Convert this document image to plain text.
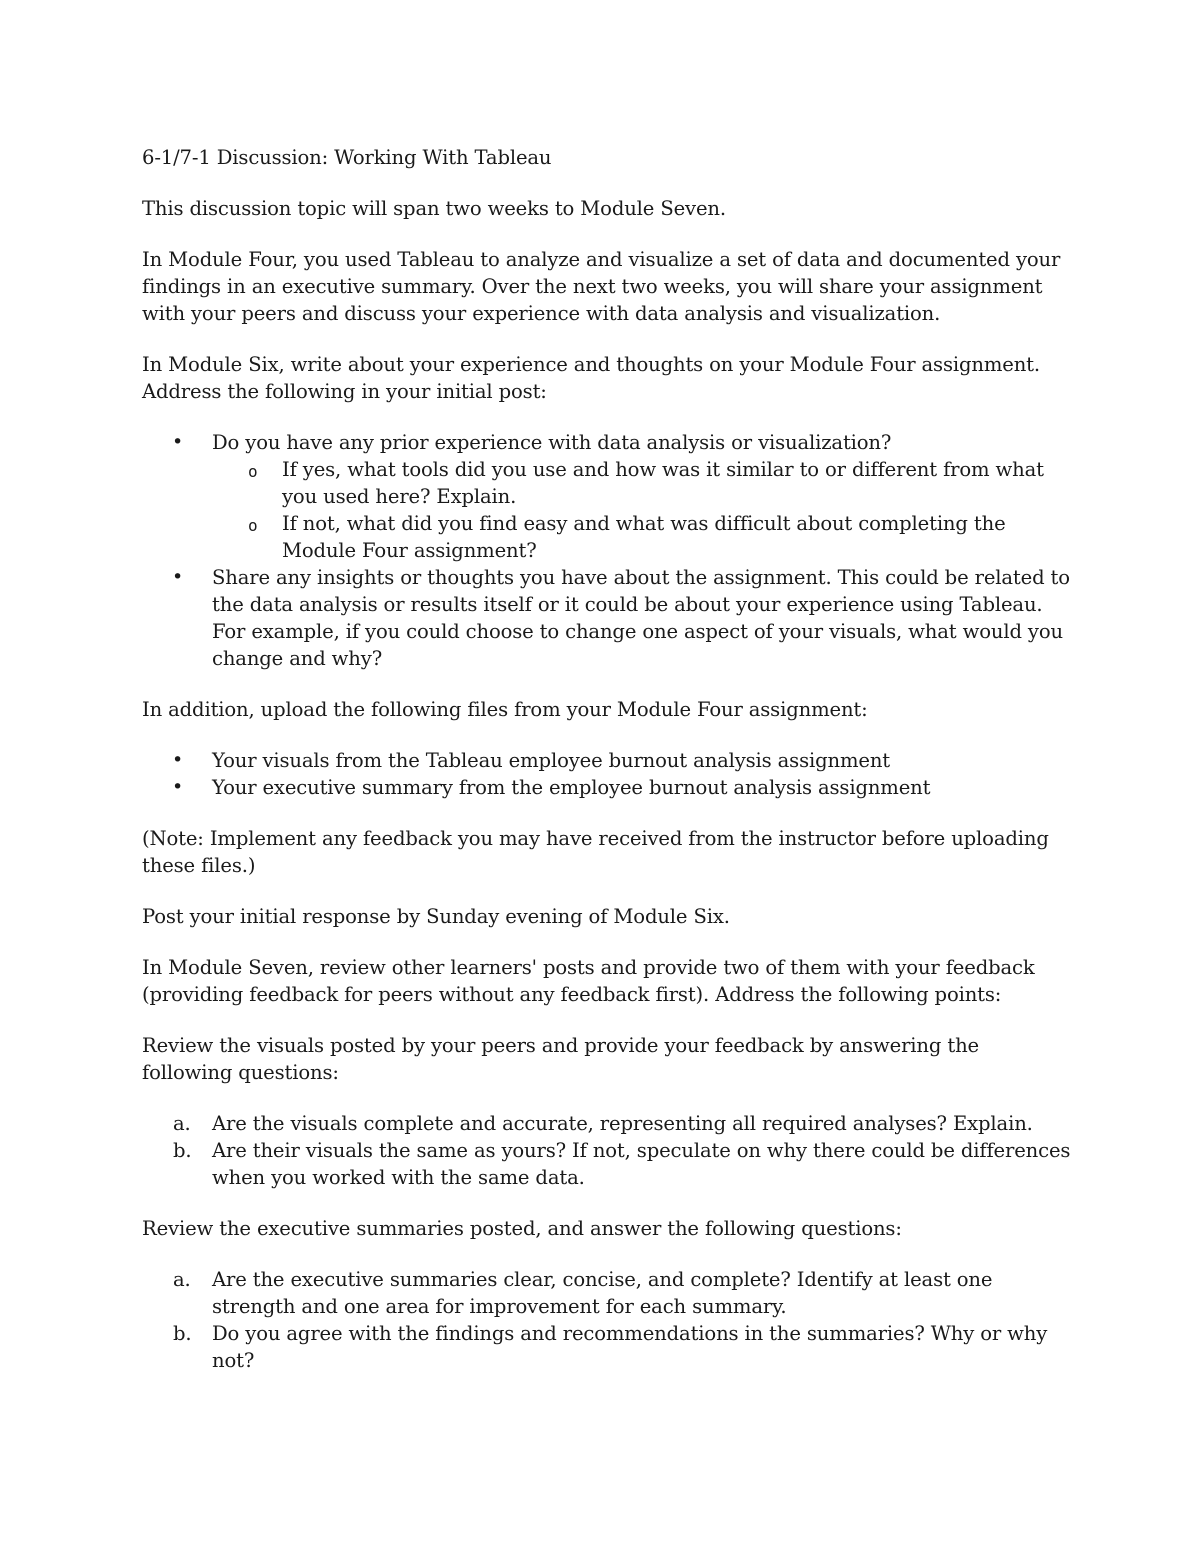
6-1/7-1 Discussion: Working With Tableau

This discussion topic will span two weeks to Module Seven.

In Module Four, you used Tableau to analyze and visualize a set of data and documented your findings in an executive summary. Over the next two weeks, you will share your assignment with your peers and discuss your experience with data analysis and visualization.

In Module Six, write about your experience and thoughts on your Module Four assignment. Address the following in your initial post:

• Do you have any prior experience with data analysis or visualization?
o If yes, what tools did you use and how was it similar to or different from what you used here? Explain.
o If not, what did you find easy and what was difficult about completing the Module Four assignment?
• Share any insights or thoughts you have about the assignment. This could be related to the data analysis or results itself or it could be about your experience using Tableau. For example, if you could choose to change one aspect of your visuals, what would you change and why?

In addition, upload the following files from your Module Four assignment:

• Your visuals from the Tableau employee burnout analysis assignment
• Your executive summary from the employee burnout analysis assignment

(Note: Implement any feedback you may have received from the instructor before uploading these files.)

Post your initial response by Sunday evening of Module Six.

In Module Seven, review other learners' posts and provide two of them with your feedback (providing feedback for peers without any feedback first). Address the following points:

Review the visuals posted by your peers and provide your feedback by answering the following questions:

a. Are the visuals complete and accurate, representing all required analyses? Explain.
b. Are their visuals the same as yours? If not, speculate on why there could be differences when you worked with the same data.

Review the executive summaries posted, and answer the following questions:

a. Are the executive summaries clear, concise, and complete? Identify at least one strength and one area for improvement for each summary.
b. Do you agree with the findings and recommendations in the summaries? Why or why not?
